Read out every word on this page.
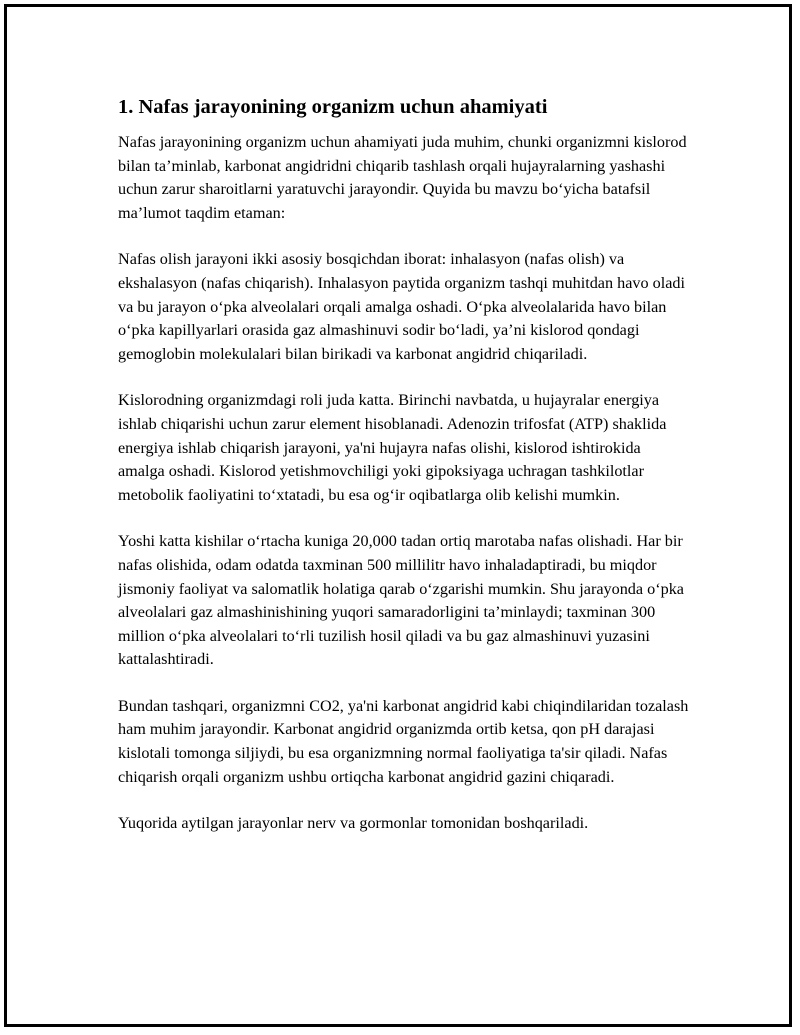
1. Nafas jarayonining organizm uchun ahamiyati

Nafas jarayonining organizm uchun ahamiyati juda muhim, chunki organizmni kislorod bilan ta’minlab, karbonat angidridni chiqarib tashlash orqali hujayralarning yashashi uchun zarur sharoitlarni yaratuvchi jarayondir. Quyida bu mavzu bo‘yicha batafsil ma’lumot taqdim etaman:

Nafas olish jarayoni ikki asosiy bosqichdan iborat: inhalasyon (nafas olish) va ekshalasyon (nafas chiqarish). Inhalasyon paytida organizm tashqi muhitdan havo oladi va bu jarayon o‘pka alveolalari orqali amalga oshadi. O‘pka alveolalarida havo bilan o‘pka kapillyarlari orasida gaz almashinuvi sodir bo‘ladi, ya’ni kislorod qondagi gemoglobin molekulalari bilan birikadi va karbonat angidrid chiqariladi.

Kislorodning organizmdagi roli juda katta. Birinchi navbatda, u hujayralar energiya ishlab chiqarishi uchun zarur element hisoblanadi. Adenozin trifosfat (ATP) shaklida energiya ishlab chiqarish jarayoni, ya'ni hujayra nafas olishi, kislorod ishtirokida amalga oshadi. Kislorod yetishmovchiligi yoki gipoksiyaga uchragan tashkilotlar metobolik faoliyatini to‘xtatadi, bu esa og‘ir oqibatlarga olib kelishi mumkin.

Yoshi katta kishilar o‘rtacha kuniga 20,000 tadan ortiq marotaba nafas olishadi. Har bir nafas olishida, odam odatda taxminan 500 millilitr havo inhaladaptiradi, bu miqdor jismoniy faoliyat va salomatlik holatiga qarab o‘zgarishi mumkin. Shu jarayonda o‘pka alveolalari gaz almashinishining yuqori samaradorligini ta’minlaydi; taxminan 300 million o‘pka alveolalari to‘rli tuzilish hosil qiladi va bu gaz almashinuvi yuzasini kattalashtiradi.

Bundan tashqari, organizmni CO2, ya'ni karbonat angidrid kabi chiqindilaridan tozalash ham muhim jarayondir. Karbonat angidrid organizmda ortib ketsa, qon pH darajasi kislotali tomonga siljiydi, bu esa organizmning normal faoliyatiga ta'sir qiladi. Nafas chiqarish orqali organizm ushbu ortiqcha karbonat angidrid gazini chiqaradi.

Yuqorida aytilgan jarayonlar nerv va gormonlar tomonidan boshqariladi.
